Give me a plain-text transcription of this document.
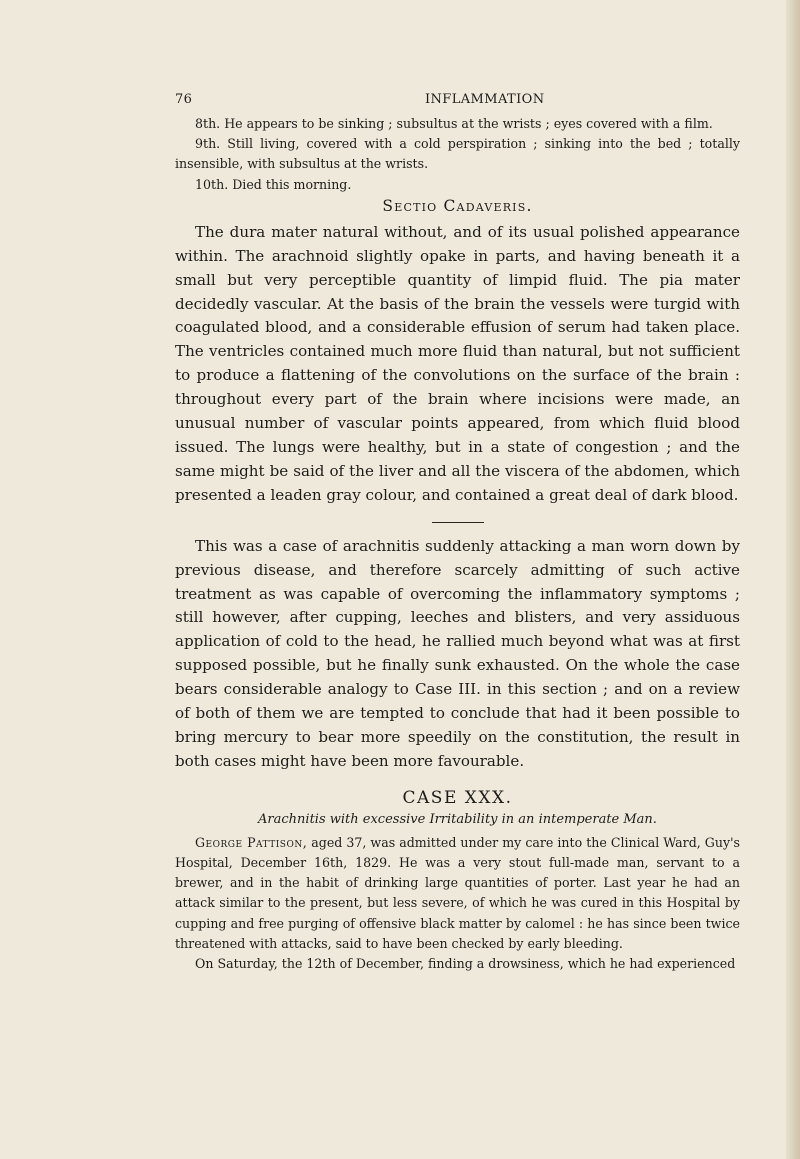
76	INFLAMMATION

8th. He appears to be sinking ; subsultus at the wrists ; eyes covered with a film.

9th. Still living, covered with a cold perspiration ; sinking into the bed ; totally insensible, with subsultus at the wrists.

10th. Died this morning.

Sectio Cadaveris.

The dura mater natural without, and of its usual polished appearance within. The arachnoid slightly opake in parts, and having beneath it a small but very perceptible quantity of limpid fluid. The pia mater decidedly vascular. At the basis of the brain the vessels were turgid with coagulated blood, and a considerable effusion of serum had taken place. The ventricles contained much more fluid than natural, but not sufficient to produce a flattening of the convolutions on the surface of the brain : throughout every part of the brain where incisions were made, an unusual number of vascular points appeared, from which fluid blood issued. The lungs were healthy, but in a state of congestion ; and the same might be said of the liver and all the viscera of the abdomen, which presented a leaden gray colour, and contained a great deal of dark blood.

This was a case of arachnitis suddenly attacking a man worn down by previous disease, and therefore scarcely admitting of such active treatment as was capable of overcoming the inflammatory symptoms ; still however, after cupping, leeches and blisters, and very assiduous application of cold to the head, he rallied much beyond what was at first supposed possible, but he finally sunk exhausted. On the whole the case bears considerable analogy to Case III. in this section ; and on a review of both of them we are tempted to conclude that had it been possible to bring mercury to bear more speedily on the constitution, the result in both cases might have been more favourable.

CASE XXX.
Arachnitis with excessive Irritability in an intemperate Man.

George Pattison, aged 37, was admitted under my care into the Clinical Ward, Guy's Hospital, December 16th, 1829. He was a very stout full-made man, servant to a brewer, and in the habit of drinking large quantities of porter. Last year he had an attack similar to the present, but less severe, of which he was cured in this Hospital by cupping and free purging of offensive black matter by calomel : he has since been twice threatened with attacks, said to have been checked by early bleeding.

On Saturday, the 12th of December, finding a drowsiness, which he had experienced
